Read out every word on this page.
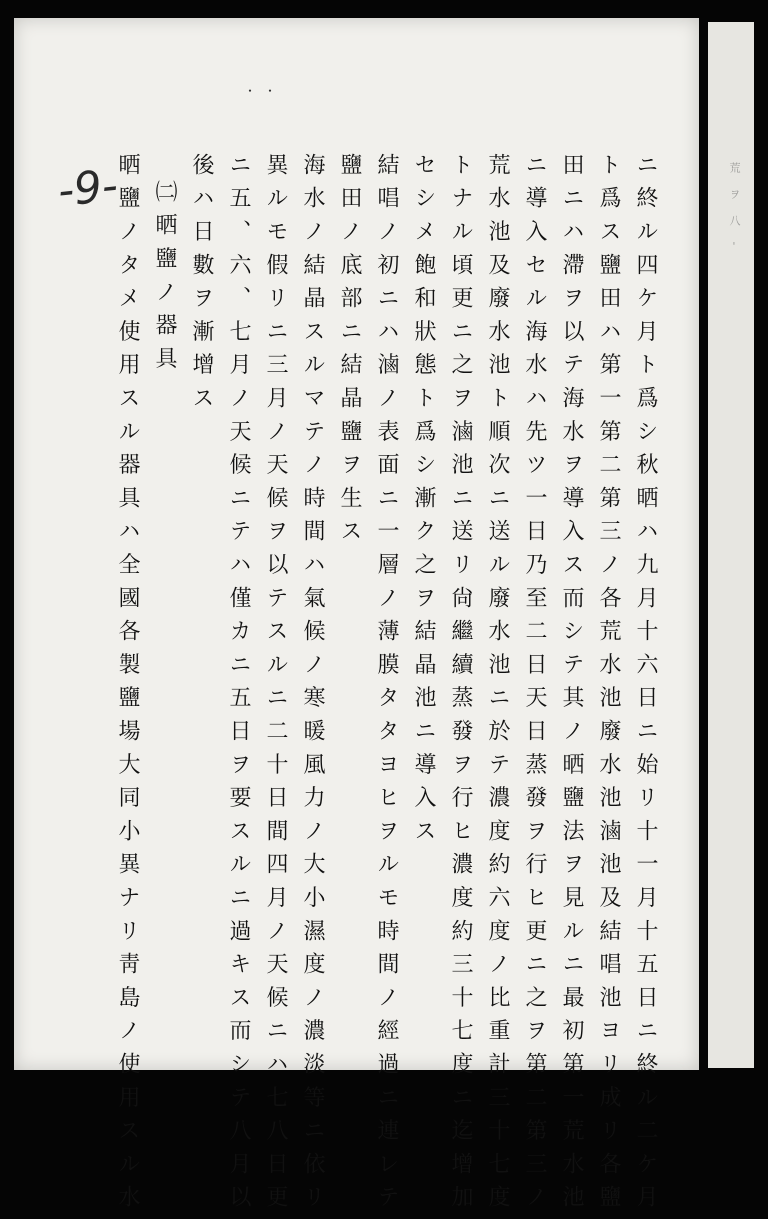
・・
-9-	ニ終ル四ケ月ト爲シ秋晒ハ九月十六日ニ始リ十一月十五日ニ終ル二ケ月
ト爲ス鹽田ハ第一第二第三ノ各荒水池廢水池滷池及結唱池ヨリ成リ各鹽
田ニハ滯ヲ以テ海水ヲ導入ス而シテ其ノ晒鹽法ヲ見ルニ最初第一荒水池
ニ導入セル海水ハ先ツ一日乃至二日天日蒸發ヲ行ヒ更ニ之ヲ第二第三ノ
荒水池及廢水池ト順次ニ送ル廢水池ニ於テ濃度約六度ノ比重計三十七度
トナル頃更ニ之ヲ滷池ニ送リ尙繼續蒸發ヲ行ヒ濃度約三十七度ニ迄增加
セシメ飽和狀態ト爲シ漸ク之ヲ結晶池ニ導入ス
結唱ノ初ニハ滷ノ表面ニ一層ノ薄膜タタヨヒヲルモ時間ノ經過ニ連レテ
鹽田ノ底部ニ結晶鹽ヲ生ス
海水ノ結晶スルマテノ時間ハ氣候ノ寒暖風力ノ大小濕度ノ濃淡等ニ依リ
異ルモ假リニ三月ノ天候ヲ以テスルニ二十日間四月ノ天候ニハ七八日更
ニ五、六、七月ノ天候ニテハ僅カニ五日ヲ要スルニ過キス而シテ八月以
後ハ日數ヲ漸增ス
㈡晒鹽ノ器具
晒鹽ノタメ使用スル器具ハ全國各製鹽場大同小異ナリ靑島ノ使用スル水	荒 ヲ 八 -
